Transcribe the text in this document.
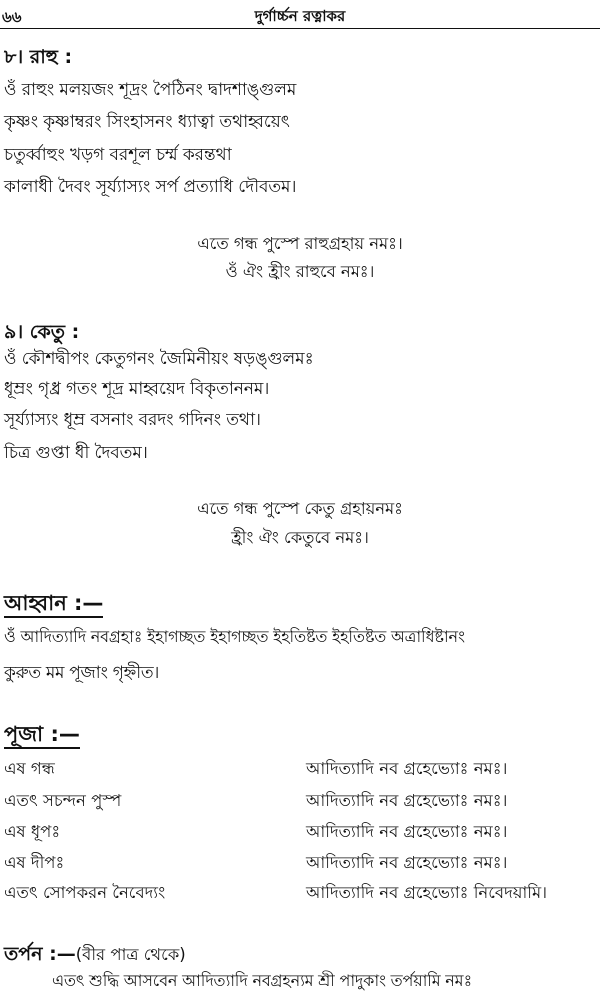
৬৬	দুর্গার্চ্চন রত্নাকর
৮। রাহু :
ওঁ রাহুং মলয়জং শূদ্রং পৈঠিনং দ্বাদশাঙ্গুলম
কৃষ্ণং কৃষ্ণাম্বরং সিংহাসনং ধ্যাত্বা তথাহ্বয়েৎ
চতুর্ব্বাহুং খড়গ বরশূল চর্ম্ম করন্তথা
কালাধী দৈবং সূর্য্যাস্যং সর্প প্রত্যাধি দৌবতম।
এতে গন্ধ পুস্পে রাহুগ্রহায় নমঃ।
ওঁ ঐং হ্রীং রাহুবে নমঃ।
৯। কেতু :
ওঁ কৌশদ্বীপং কেতুগনং জৈমিনীয়ং ষড়ঙ্গুলমঃ
ধূম্রং গৃধ্র গতং শূদ্র মাহ্বয়েদ বিকৃতাননম।
সূর্য্যাস্যং ধূম্র বসনাং বরদং গদিনং তথা।
চিত্র গুপ্তা ধী দৈবতম।
এতে গন্ধ পুস্পে কেতু গ্রহায়নমঃ
হ্রীং ঐং কেতুবে নমঃ।
আহ্বান :—
ওঁ আদিত্যাদি নবগ্রহাঃ ইহাগচ্ছত ইহাগচ্ছত ইহতিষ্টত ইহতিষ্টত অত্রাধিষ্টানং
কুরুত মম পূজাং গৃহ্নীত।
পূজা :—
এষ গন্ধ	আদিত্যাদি নব গ্রহেভ্যোঃ নমঃ।
এতৎ সচন্দন পুস্প	আদিত্যাদি নব গ্রহেভ্যোঃ নমঃ।
এষ ধূপঃ	আদিত্যাদি নব গ্রহেভ্যোঃ নমঃ।
এষ দীপঃ	আদিত্যাদি নব গ্রহেভ্যোঃ নমঃ।
এতৎ সোপকরন নৈবেদ্যং	আদিত্যাদি নব গ্রহেভ্যোঃ নিবেদয়ামি।
তর্পন :—(বীর পাত্র থেকে)
এতৎ শুদ্ধি আসবেন আদিত্যাদি নবগ্রহন্যম শ্রী পাদুকাং তর্পয়ামি নমঃ
